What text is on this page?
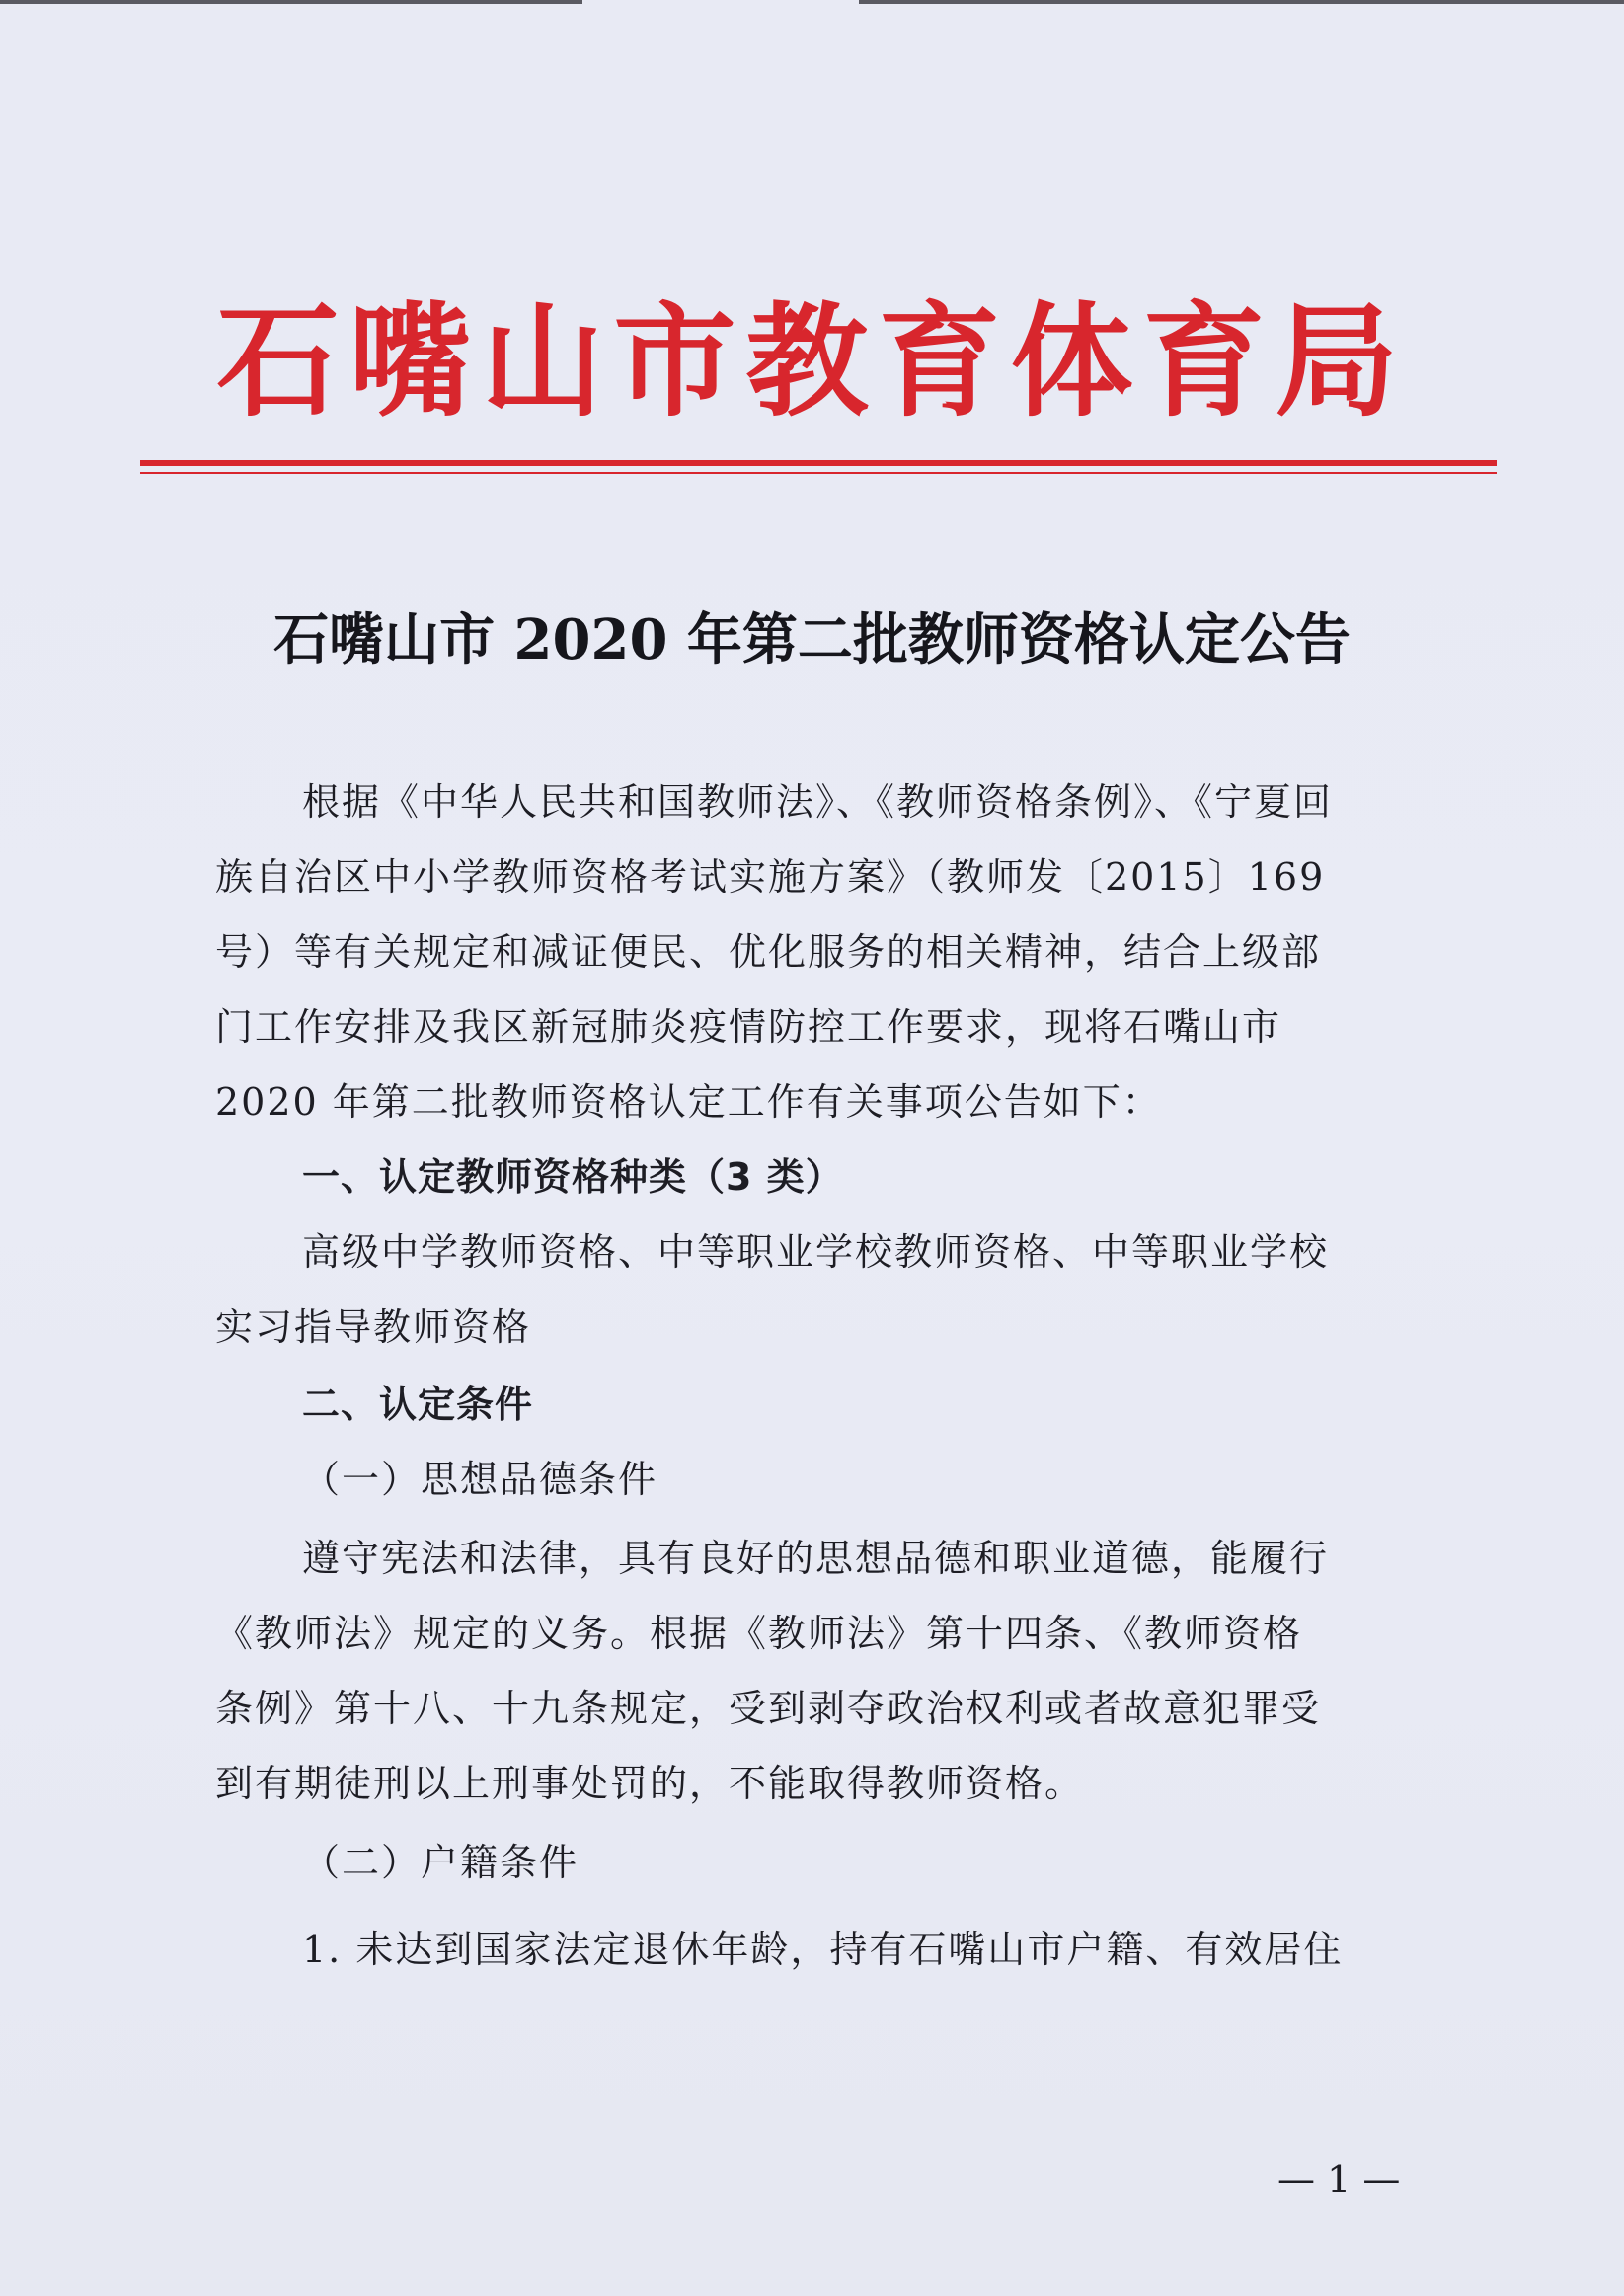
石嘴山市教育体育局
石嘴山市 2020 年第二批教师资格认定公告
根据《中华人民共和国教师法》、《教师资格条例》、《宁夏回
族自治区中小学教师资格考试实施方案》（教师发〔2015〕169
号）等有关规定和减证便民、优化服务的相关精神，结合上级部
门工作安排及我区新冠肺炎疫情防控工作要求，现将石嘴山市
2020 年第二批教师资格认定工作有关事项公告如下：
一、认定教师资格种类（3 类）
高级中学教师资格、中等职业学校教师资格、中等职业学校
实习指导教师资格
二、认定条件
（一）思想品德条件
遵守宪法和法律，具有良好的思想品德和职业道德，能履行
《教师法》规定的义务。根据《教师法》第十四条、《教师资格
条例》第十八、十九条规定，受到剥夺政治权利或者故意犯罪受
到有期徒刑以上刑事处罚的，不能取得教师资格。
（二）户籍条件
1. 未达到国家法定退休年龄，持有石嘴山市户籍、有效居住
— 1 —
